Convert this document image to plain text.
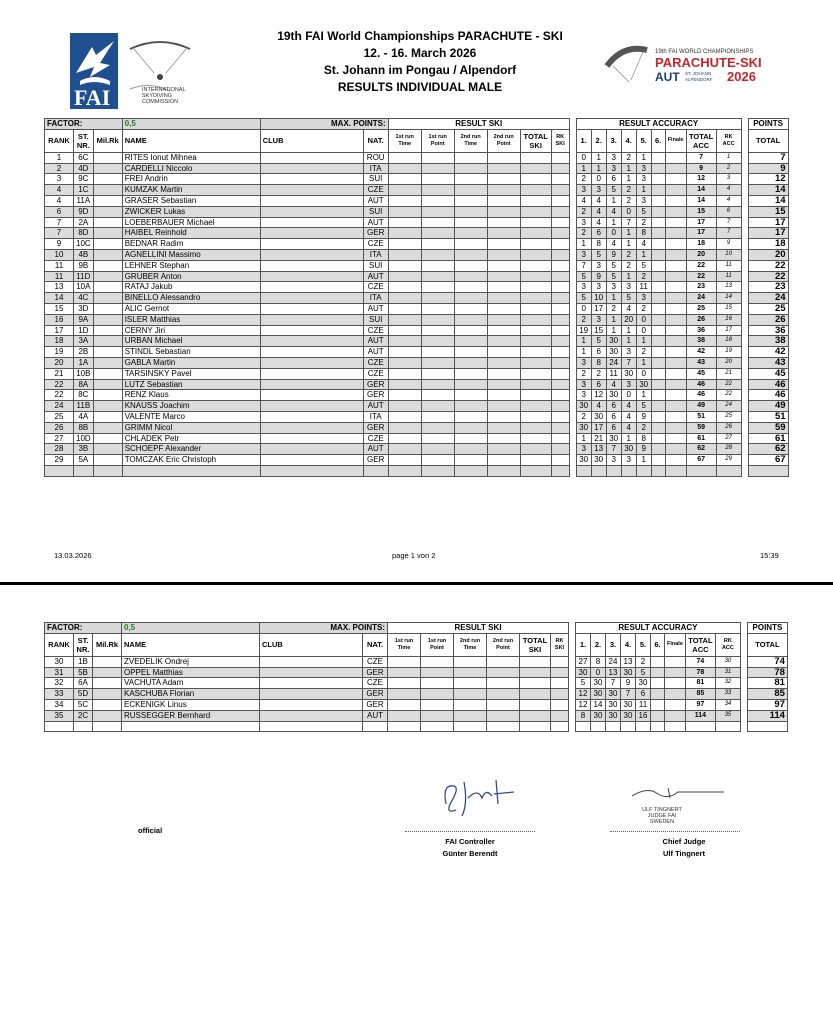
FAI	INTERNATIONAL
SKYDIVING
COMMISSION
19th FAI World Championships PARACHUTE - SKI
12. - 16. March 2026
St. Johann im Pongau / Alpendorf
RESULTS INDIVIDUAL MALE
19th FAI WORLD CHAMPIONSHIPS
PARACHUTE-SKI
AUT ST. JOHANN
ALPENDORF 2026
FACTOR:			0,5	MAX. POINTS:		RESULT SKI							RESULT ACCURACY										POINTS
RANK	ST. NR.	Mil.Rk	NAME	CLUB	NAT.	1st run Time	1st run Point	2nd run Time	2nd run Point	TOTAL SKI	RK SKI		1.	2.	3.	4.	5.	6.	Finale	TOTAL ACC	RK ACC		TOTAL
1	6C		RITES Ionut Mihnea		ROU								0	1	3	2	1			7	1		7
2	4D		CARDELLI Niccolo		ITA								1	1	3	1	3			9	2		9
3	9C		FREI Andrin		SUI								2	0	6	1	3			12	3		12
4	1C		KUMZAK Martin		CZE								3	3	5	2	1			14	4		14
4	11A		GRASER Sebastian		AUT								4	4	1	2	3			14	4		14
6	9D		ZWICKER Lukas		SUI								2	4	4	0	5			15	6		15
7	2A		LOEBERBAUER Michael		AUT								3	4	1	7	2			17	7		17
7	8D		HAIBEL Reinhold		GER								2	6	0	1	8			17	7		17
9	10C		BEDNAR Radim		CZE								1	8	4	1	4			18	9		18
10	4B		AGNELLINI Massimo		ITA								3	5	9	2	1			20	10		20
11	9B		LEHNER Stephan		SUI								7	3	5	2	5			22	11		22
11	11D		GRUBER Anton		AUT								5	9	5	1	2			22	11		22
13	10A		RATAJ Jakub		CZE								3	3	3	3	11			23	13		23
14	4C		BINELLO Alessandro		ITA								5	10	1	5	3			24	14		24
15	3D		ALIC Gernot		AUT								0	17	2	4	2			25	15		25
16	9A		ISLER Matthias		SUI								2	3	1	20	0			26	16		26
17	1D		CERNY Jiri		CZE								19	15	1	1	0			36	17		36
18	3A		URBAN Michael		AUT								1	5	30	1	1			38	18		38
19	2B		STINDL Sebastian		AUT								1	6	30	3	2			42	19		42
20	1A		GABLA Martin		CZE								3	8	24	7	1			43	20		43
21	10B		TARSINSKY Pavel		CZE								2	2	11	30	0			45	21		45
22	8A		LUTZ Sebastian		GER								3	6	4	3	30			46	22		46
22	8C		RENZ Klaus		GER								3	12	30	0	1			46	22		46
24	11B		KNAUSS Joachim		AUT								30	4	6	4	5			49	24		49
25	4A		VALENTE Marco		ITA								2	30	6	4	9			51	25		51
26	8B		GRIMM Nicol		GER								30	17	6	4	2			59	26		59
27	10D		CHLADEK Petr		CZE								1	21	30	1	8			61	27		61
28	3B		SCHOEPF Alexander		AUT								3	13	7	30	9			62	28		62
29	5A		TOMCZAK Eric Christoph		GER								30	30	3	3	1			67	29		67

13.03.2026	page 1 von 2	15:39
FACTOR:			0,5	MAX. POINTS:		RESULT SKI							RESULT ACCURACY										POINTS
RANK	ST. NR.	Mil.Rk	NAME	CLUB	NAT.	1st run Time	1st run Point	2nd run Time	2nd run Point	TOTAL SKI	RK SKI		1.	2.	3.	4.	5.	6.	Finale	TOTAL ACC	RK ACC		TOTAL
30	1B		ZVEDELIK Ondrej		CZE								27	8	24	13	2			74	30		74
31	5B		OPPEL Matthias		GER								30	0	13	30	5			78	31		78
32	6A		VACHUTA Adam		CZE								5	30	7	9	30			81	32		81
33	5D		KASCHUBA Florian		GER								12	30	30	7	6			85	33		85
34	5C		ECKENIGK Linus		GER								12	14	30	30	11			97	34		97
35	2C		RUSSEGGER Bernhard		AUT								8	30	30	30	16			114	35		114

ULF TINGNERT
JUDGE FAI
SWEDEN
official
FAI Controller
Günter Berendt
Chief Judge
Ulf Tingnert
